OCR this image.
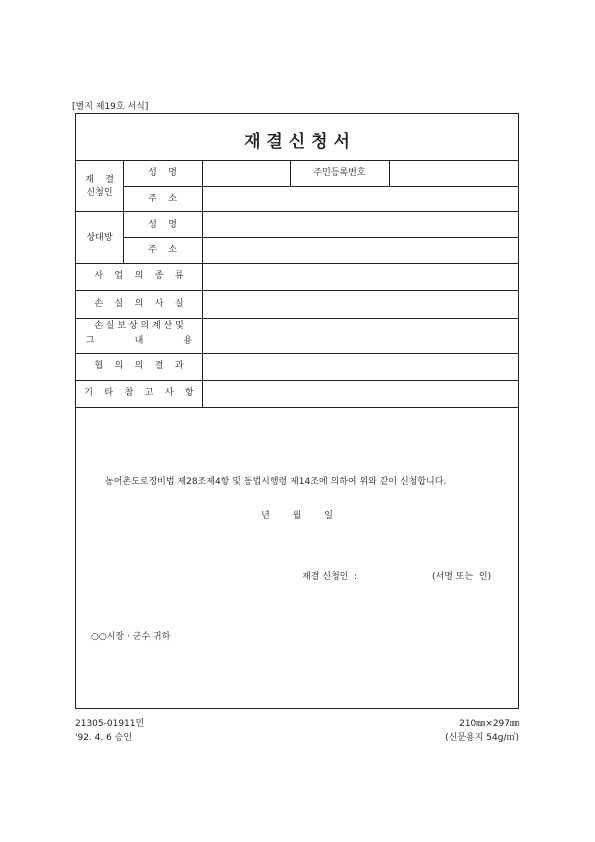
[별지 제19호 서식]
재 결 신 청 서
재    결
신청인
성    명	주민등록번호
주    소
상대방
성    명
주    소
사    업    의    종    류
손    실    의    사    실
손 실 보 상 의 계 산 및
그              내              용
협    의    의    결    과
기    타    참    고    사    항
농어촌도로정비법 제28조제4항 및 동법시행령 제14조에 의하여 위와 같이 신청합니다.
년        월        일
재결 신청인  :	(서명 또는  인)
○○시장 · 군수 귀하
21305-01911민
'92. 4. 6 승인
210㎜×297㎜
(신문용지 54g/㎡)
